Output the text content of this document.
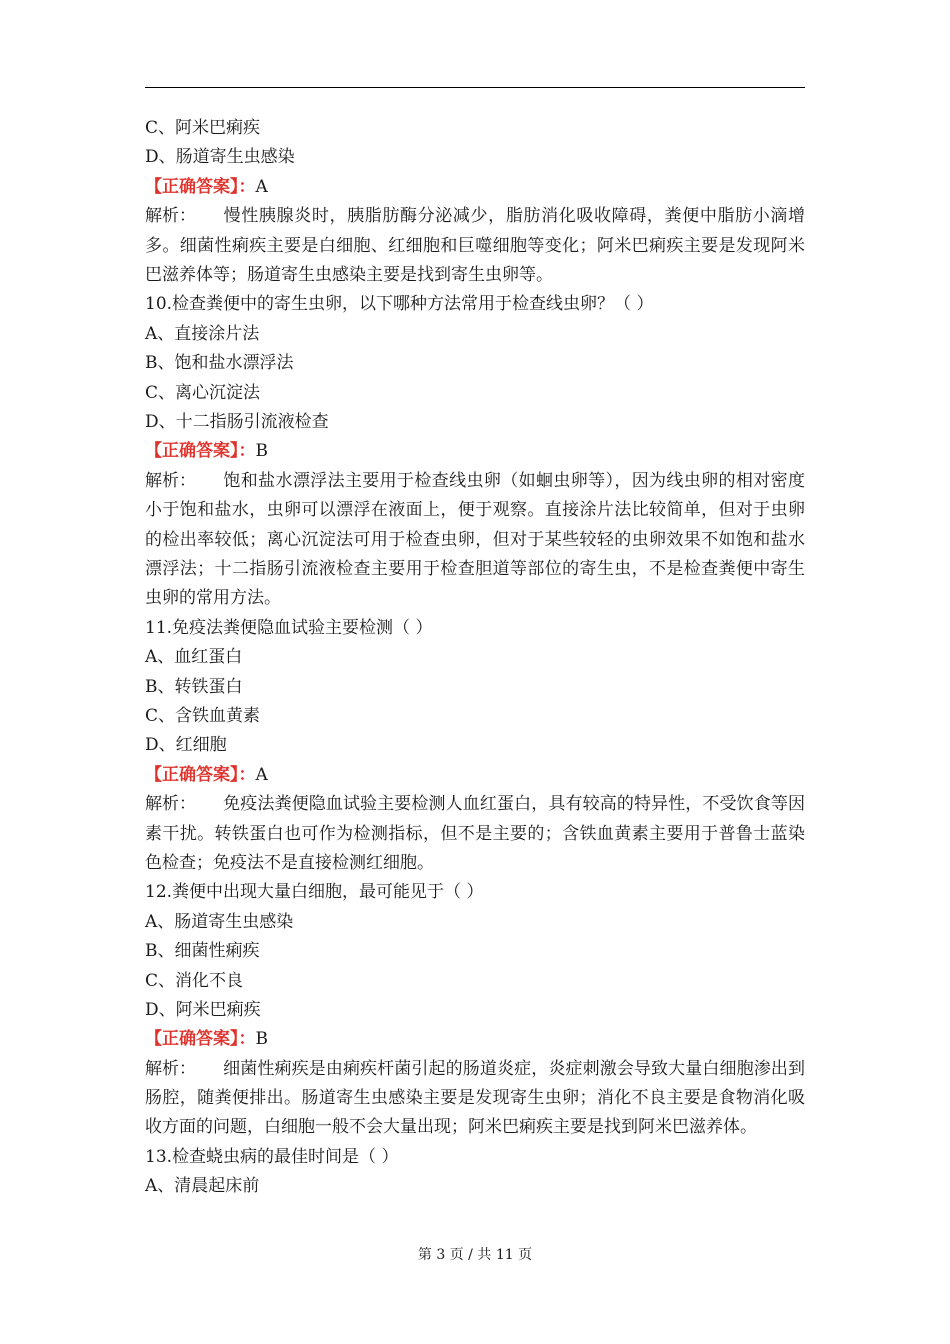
C、阿米巴痢疾
D、肠道寄生虫感染
【正确答案】：A
解析： 慢性胰腺炎时，胰脂肪酶分泌减少，脂肪消化吸收障碍，粪便中脂肪小滴增多。细菌性痢疾主要是白细胞、红细胞和巨噬细胞等变化；阿米巴痢疾主要是发现阿米巴滋养体等；肠道寄生虫感染主要是找到寄生虫卵等。
10.检查粪便中的寄生虫卵，以下哪种方法常用于检查线虫卵？（ ）
A、直接涂片法
B、饱和盐水漂浮法
C、离心沉淀法
D、十二指肠引流液检查
【正确答案】：B
解析： 饱和盐水漂浮法主要用于检查线虫卵（如蛔虫卵等），因为线虫卵的相对密度小于饱和盐水，虫卵可以漂浮在液面上，便于观察。直接涂片法比较简单，但对于虫卵的检出率较低；离心沉淀法可用于检查虫卵，但对于某些较轻的虫卵效果不如饱和盐水漂浮法；十二指肠引流液检查主要用于检查胆道等部位的寄生虫，不是检查粪便中寄生虫卵的常用方法。
11.免疫法粪便隐血试验主要检测（ ）
A、血红蛋白
B、转铁蛋白
C、含铁血黄素
D、红细胞
【正确答案】：A
解析： 免疫法粪便隐血试验主要检测人血红蛋白，具有较高的特异性，不受饮食等因素干扰。转铁蛋白也可作为检测指标，但不是主要的；含铁血黄素主要用于普鲁士蓝染色检查；免疫法不是直接检测红细胞。
12.粪便中出现大量白细胞，最可能见于（ ）
A、肠道寄生虫感染
B、细菌性痢疾
C、消化不良
D、阿米巴痢疾
【正确答案】：B
解析： 细菌性痢疾是由痢疾杆菌引起的肠道炎症，炎症刺激会导致大量白细胞渗出到肠腔，随粪便排出。肠道寄生虫感染主要是发现寄生虫卵；消化不良主要是食物消化吸收方面的问题，白细胞一般不会大量出现；阿米巴痢疾主要是找到阿米巴滋养体。
13.检查蛲虫病的最佳时间是（ ）
A、清晨起床前
第 3 页 / 共 11 页
